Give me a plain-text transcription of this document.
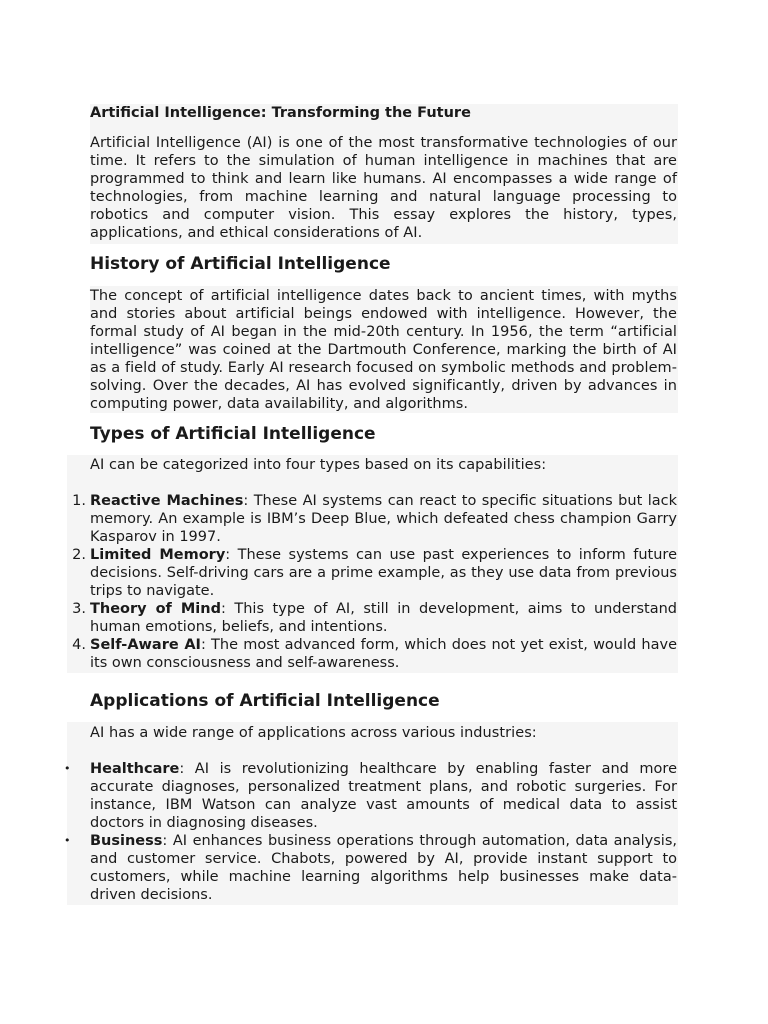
Artificial Intelligence: Transforming the Future

Artificial Intelligence (AI) is one of the most transformative technologies of our time. It refers to the simulation of human intelligence in machines that are programmed to think and learn like humans. AI encompasses a wide range of technologies, from machine learning and natural language processing to robotics and computer vision. This essay explores the history, types, applications, and ethical considerations of AI.

History of Artificial Intelligence

The concept of artificial intelligence dates back to ancient times, with myths and stories about artificial beings endowed with intelligence. However, the formal study of AI began in the mid-20th century. In 1956, the term “artificial intelligence” was coined at the Dartmouth Conference, marking the birth of AI as a field of study. Early AI research focused on symbolic methods and problem-solving. Over the decades, AI has evolved significantly, driven by advances in computing power, data availability, and algorithms.

Types of Artificial Intelligence

AI can be categorized into four types based on its capabilities:

1. Reactive Machines: These AI systems can react to specific situations but lack memory. An example is IBM’s Deep Blue, which defeated chess champion Garry Kasparov in 1997.
2. Limited Memory: These systems can use past experiences to inform future decisions. Self-driving cars are a prime example, as they use data from previous trips to navigate.
3. Theory of Mind: This type of AI, still in development, aims to understand human emotions, beliefs, and intentions.
4. Self-Aware AI: The most advanced form, which does not yet exist, would have its own consciousness and self-awareness.
Applications of Artificial Intelligence

AI has a wide range of applications across various industries:

• Healthcare: AI is revolutionizing healthcare by enabling faster and more accurate diagnoses, personalized treatment plans, and robotic surgeries. For instance, IBM Watson can analyze vast amounts of medical data to assist doctors in diagnosing diseases.
• Business: AI enhances business operations through automation, data analysis, and customer service. Chabots, powered by AI, provide instant support to customers, while machine learning algorithms help businesses make data-driven decisions.
